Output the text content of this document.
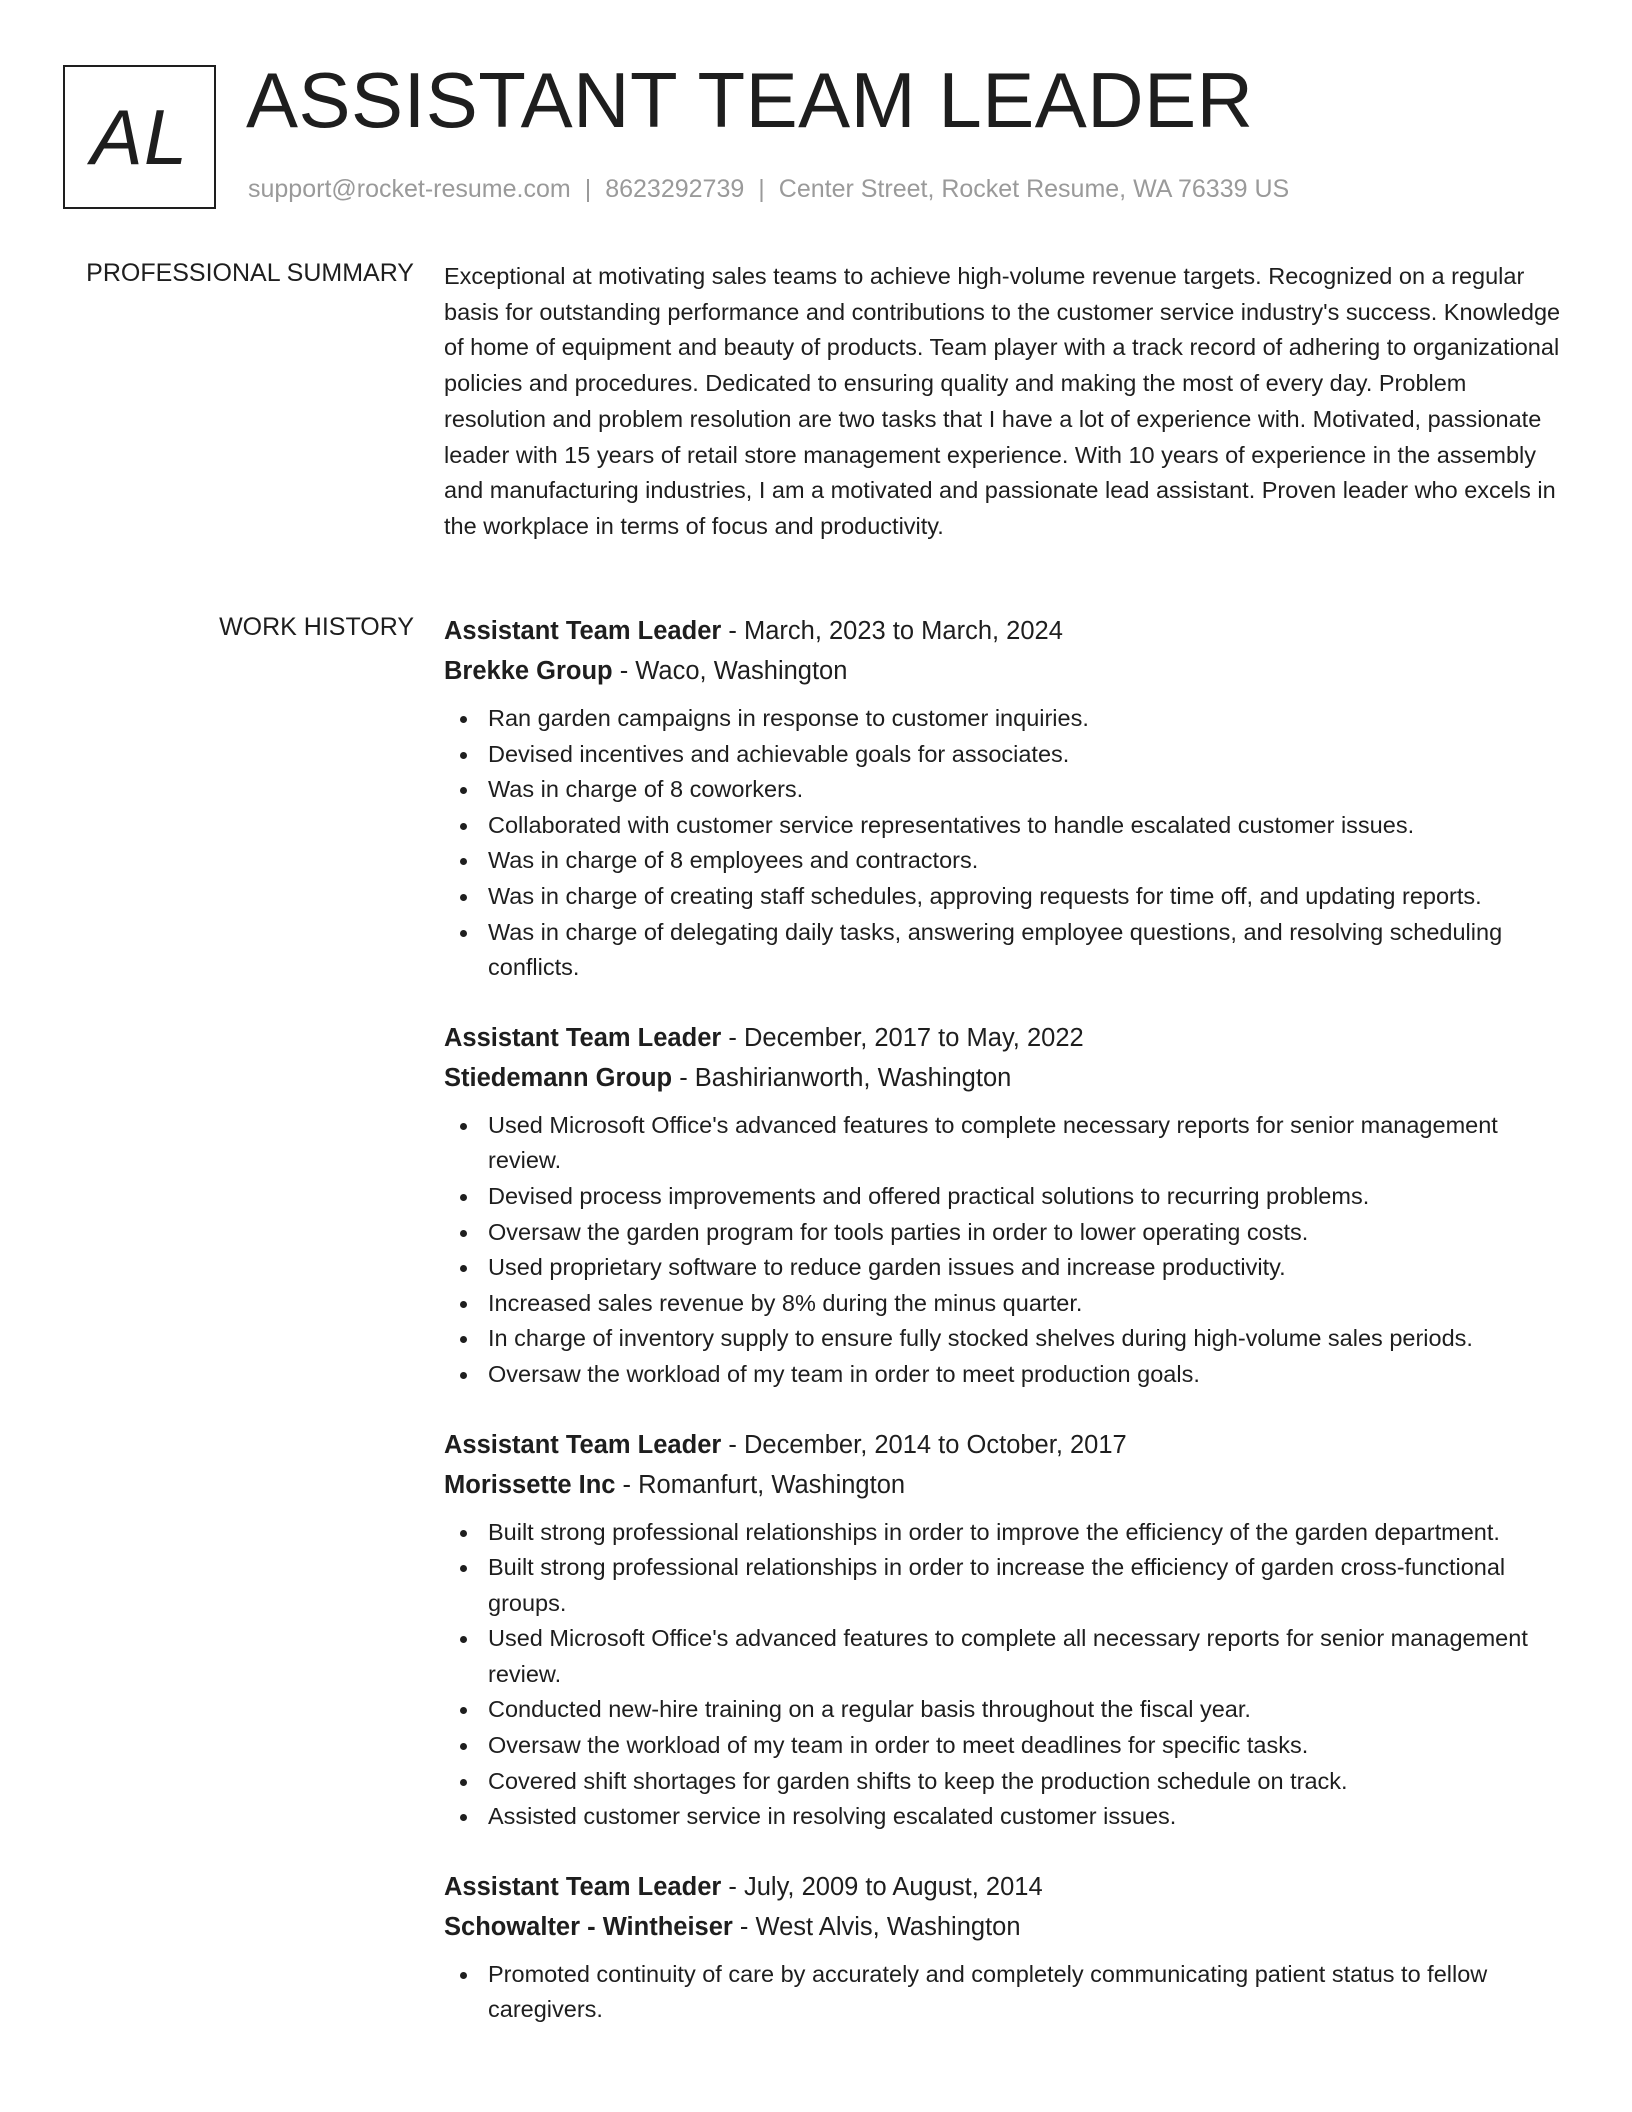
AL ASSISTANT TEAM LEADER
support@rocket-resume.com | 8623292739 | Center Street, Rocket Resume, WA 76339 US
PROFESSIONAL SUMMARY Exceptional at motivating sales teams to achieve high-volume revenue targets. Recognized on a regular basis for outstanding performance and contributions to the customer service industry's success. Knowledge of home of equipment and beauty of products. Team player with a track record of adhering to organizational policies and procedures. Dedicated to ensuring quality and making the most of every day. Problem resolution and problem resolution are two tasks that I have a lot of experience with. Motivated, passionate leader with 15 years of retail store management experience. With 10 years of experience in the assembly and manufacturing industries, I am a motivated and passionate lead assistant. Proven leader who excels in the workplace in terms of focus and productivity.

WORK HISTORY Assistant Team Leader - March, 2023 to March, 2024
Brekke Group - Waco, Washington
Ran garden campaigns in response to customer inquiries.
Devised incentives and achievable goals for associates.
Was in charge of 8 coworkers.
Collaborated with customer service representatives to handle escalated customer issues.
Was in charge of 8 employees and contractors.
Was in charge of creating staff schedules, approving requests for time off, and updating reports.
Was in charge of delegating daily tasks, answering employee questions, and resolving scheduling conflicts.
Assistant Team Leader - December, 2017 to May, 2022
Stiedemann Group - Bashirianworth, Washington
Used Microsoft Office's advanced features to complete necessary reports for senior management review.
Devised process improvements and offered practical solutions to recurring problems.
Oversaw the garden program for tools parties in order to lower operating costs.
Used proprietary software to reduce garden issues and increase productivity.
Increased sales revenue by 8% during the minus quarter.
In charge of inventory supply to ensure fully stocked shelves during high-volume sales periods.
Oversaw the workload of my team in order to meet production goals.
Assistant Team Leader - December, 2014 to October, 2017
Morissette Inc - Romanfurt, Washington
Built strong professional relationships in order to improve the efficiency of the garden department.
Built strong professional relationships in order to increase the efficiency of garden cross-functional groups.
Used Microsoft Office's advanced features to complete all necessary reports for senior management review.
Conducted new-hire training on a regular basis throughout the fiscal year.
Oversaw the workload of my team in order to meet deadlines for specific tasks.
Covered shift shortages for garden shifts to keep the production schedule on track.
Assisted customer service in resolving escalated customer issues.
Assistant Team Leader - July, 2009 to August, 2014
Schowalter - Wintheiser - West Alvis, Washington
Promoted continuity of care by accurately and completely communicating patient status to fellow caregivers.
